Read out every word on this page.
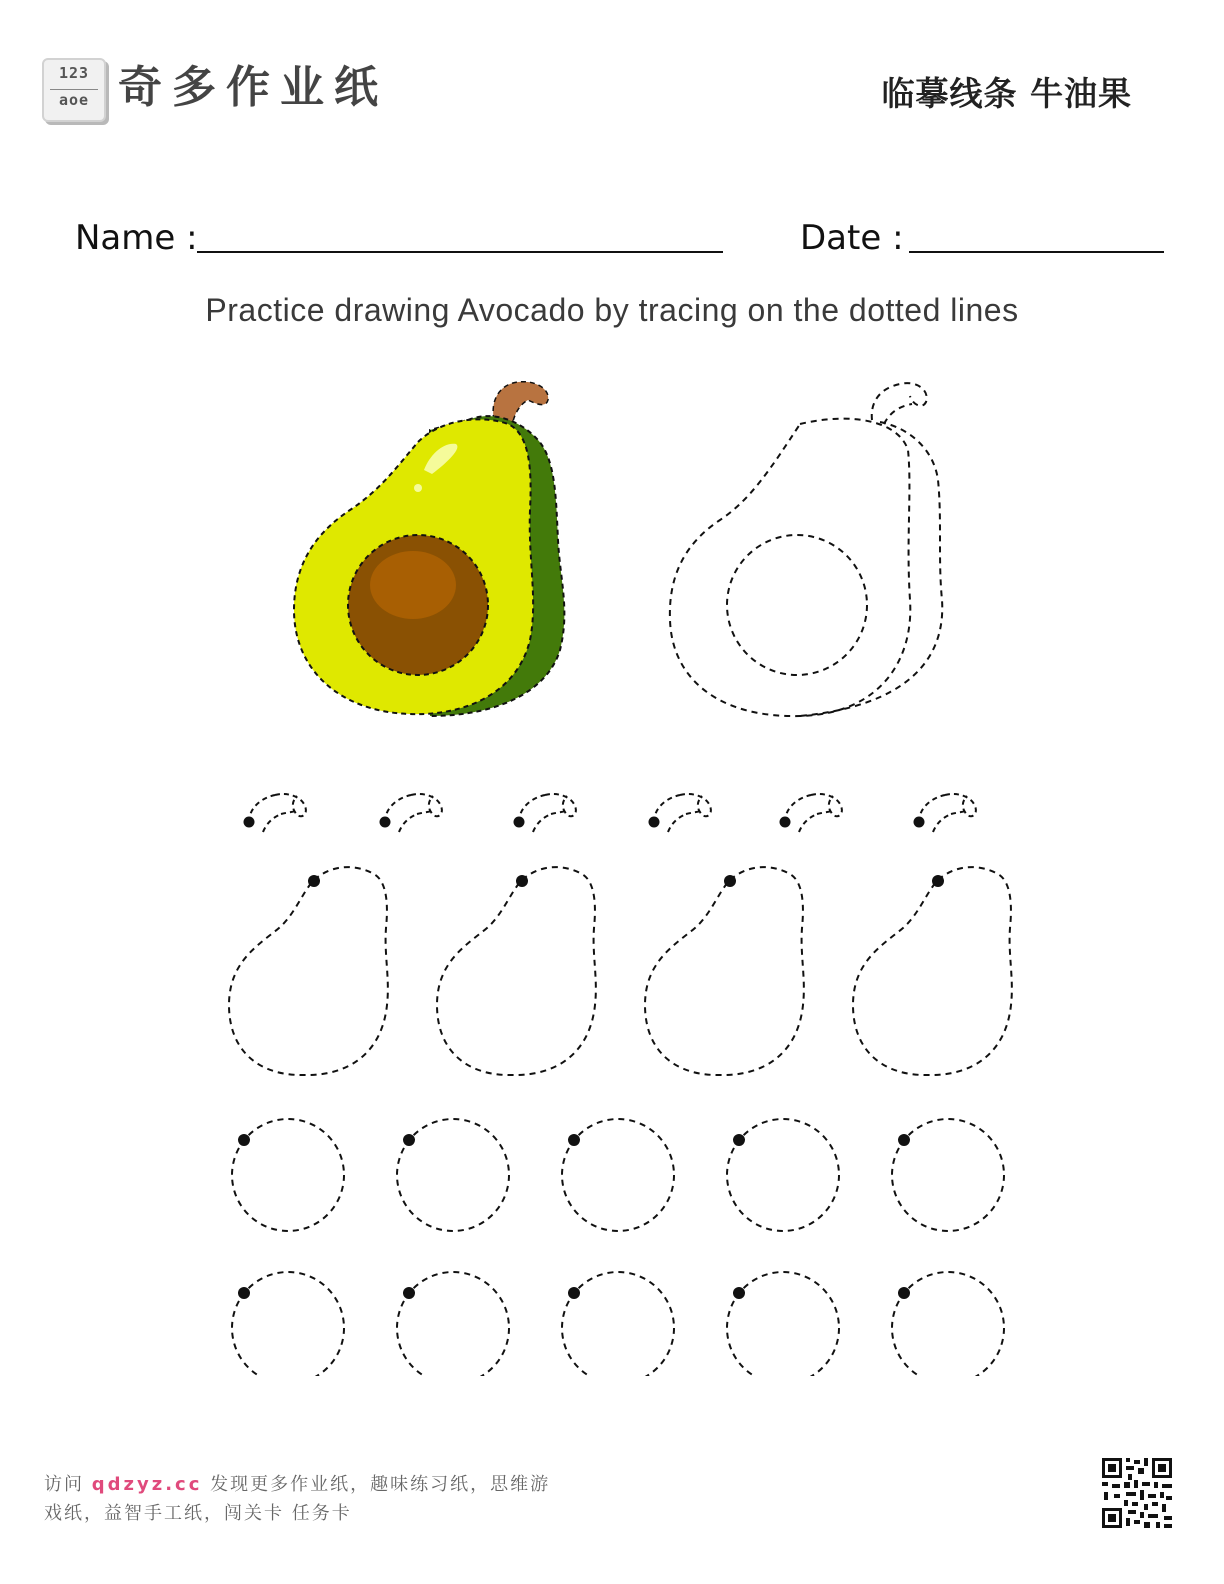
123
aoe 奇多作业纸	临摹线条 牛油果
Name :	Date :
Practice drawing Avocado by tracing on the dotted lines
访问 qdzyz.cc 发现更多作业纸，趣味练习纸，思维游
戏纸，益智手工纸，闯关卡 任务卡
